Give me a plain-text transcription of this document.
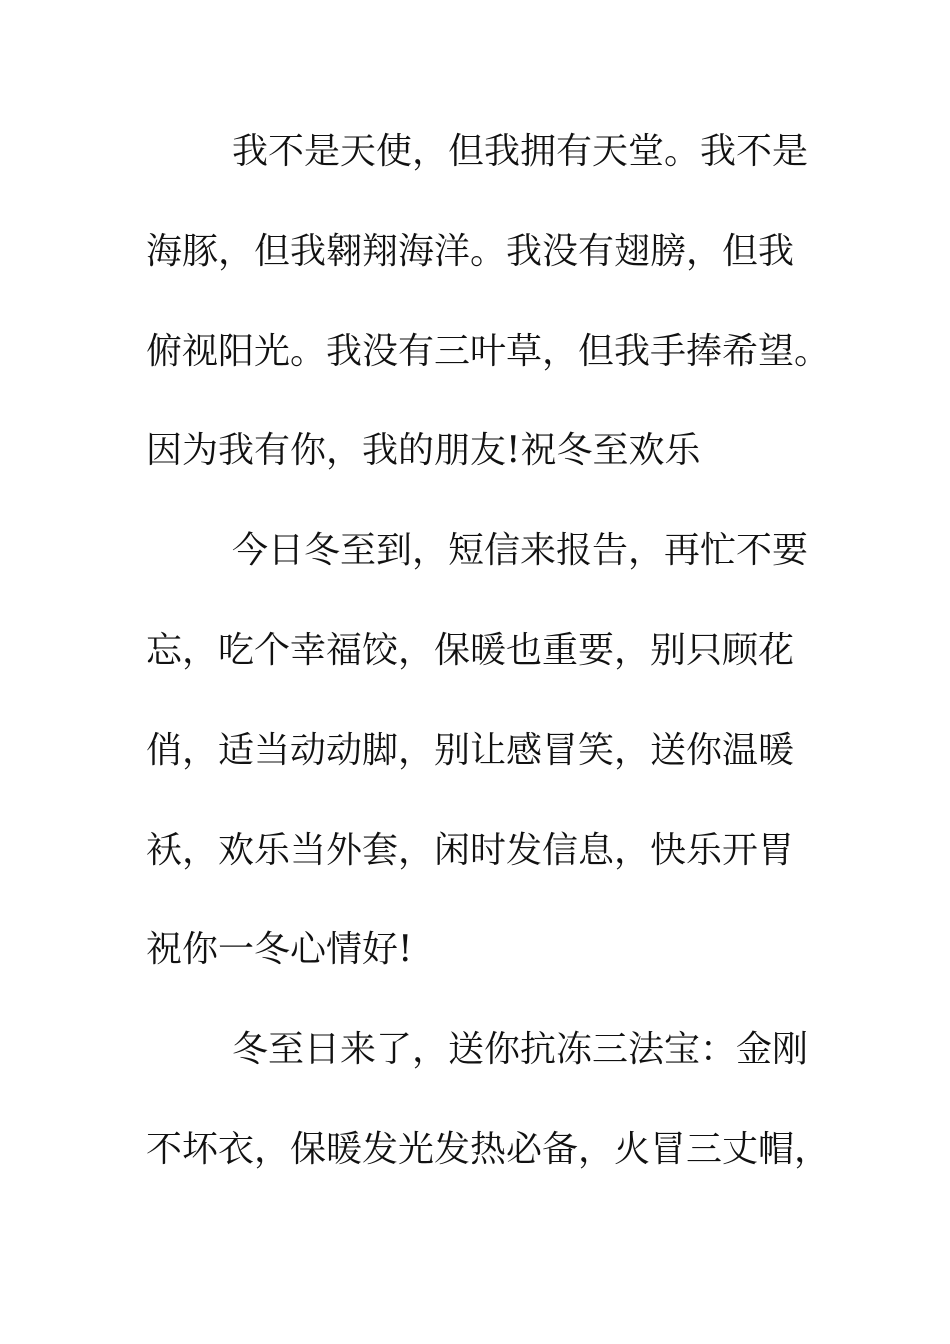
我不是天使，但我拥有天堂。我不是
海豚，但我翱翔海洋。我没有翅膀，但我
俯视阳光。我没有三叶草，但我手捧希望。
因为我有你，我的朋友!祝冬至欢乐
今日冬至到，短信来报告，再忙不要
忘，吃个幸福饺，保暖也重要，别只顾花
俏，适当动动脚，别让感冒笑，送你温暖
袄，欢乐当外套，闲时发信息，快乐开胃
祝你一冬心情好!
冬至日来了，送你抗冻三法宝：金刚
不坏衣，保暖发光发热必备，火冒三丈帽，
